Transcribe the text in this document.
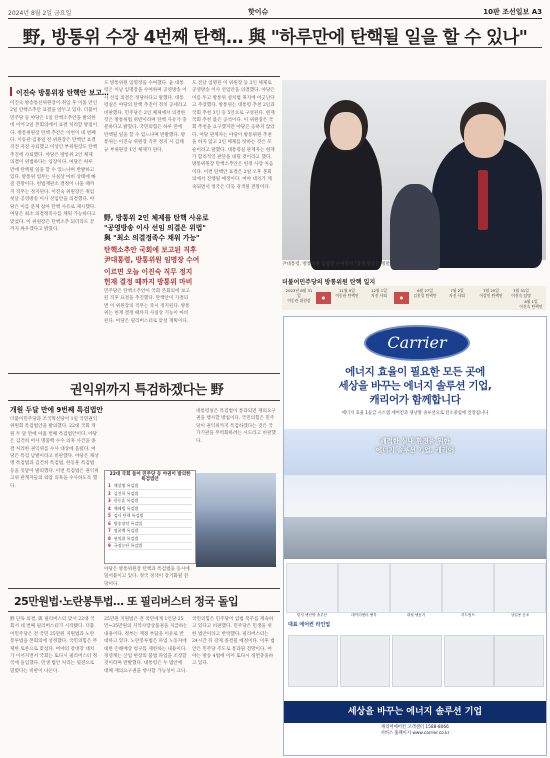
2024년 8월 2일 금요일	핫이슈	10판 조선일보 A3
野, 방통위 수장 4번째 탄핵… 與 "하루만에 탄핵될 일을 할 수 있나"
이진숙 방통위장 탄핵안 보고…
이진숙 방송통신위원장이 취임 후 이틀 만인 2일 탄핵소추안 표결을 앞두고 있다. 더불어민주당 등 야당은 1일 탄핵소추안을 발의한 데 이어 2일 본회의에서 표결 처리할 방침이다. 방통위원장 탄핵 추진은 이번이 네 번째다. 이동관·김홍일 전 위원장은 탄핵안 표결 직전 자진 사퇴했고 이상인 부위원장도 탄핵 추진에 사퇴했다. 야당은 방통위 2인 체제 의결이 위법하다는 입장이다. 여당은 하루 만에 탄핵될 일을 할 수 있느냐며 반발하고 있다. 방통위 업무는 사실상 마비 상태에 빠질 전망이다. 헌법재판소 결정이 나올 때까지 직무는 정지된다. 이진숙 위원장은 취임 첫날 공영방송 이사 선임안을 의결했다. 야당은 이를 문제 삼아 탄핵 사유로 제시했다. 여당은 최소 의결정족수를 채워 가능하다고 맞섰다. 이 위원장은 탄핵소추 되더라도 끝까지 싸우겠다고 밝혔다.
도 방통위원 임명장을 수여했다. 윤 대통령은 이날 임명장을 수여하며 공영방송 이사 선임 의결은 정당하다고 말했다. 대통령실은 야당의 탄핵 추진이 정치 공세라고 비판했다. 민주당은 2인 체제에서 의결한 것은 방통위법 위반이라며 탄핵 사유가 충분하다고 밝혔다. 국민의힘은 하루 만에 탄핵될 일을 할 수 있느냐며 반발했다. 방통위는 이진숙 위원장 직무 정지 시 김태규 부위원장 1인 체제가 된다.
野, 방통위 2인 체제를 탄핵 사유로
"공영방송 이사 선임 의결은 위법"
與 "최소 의결정족수 채워 가능"
탄핵소추안 국회에 보고된 직후
尹대통령, 방통위원 임명장 수여
이르면 오늘 이진숙 직무 정지
헌재 결정 때까지 방통위 마비
민주당은 탄핵소추안이 국회 본회의에 보고된 직후 표결을 추진했다. 탄핵안이 가결되면 이 위원장의 직무는 즉시 정지된다. 방통위는 헌재 결정 때까지 사실상 기능이 마비된다. 여당은 필리버스터로 맞설 계획이다.
도 전날 임명된 이 위원장 등 2인 체제로 공영방송 이사 선임안을 의결했다. 야당은 이를 두고 방통위 설치법 취지에 어긋난다고 주장했다. 방통위는 대통령 추천 2인과 국회 추천 3인 등 5인으로 구성된다. 현재 국회 추천 몫은 공석이다. 이 위원장은 국회 추천을 요구했지만 야당은 응하지 않았다. 여당 관계자는 야당이 방통위원 추천을 하지 않고 2인 체제를 탓하는 것은 모순이라고 말했다. 대통령실 관계자는 헌재가 합리적인 판단을 내릴 것이라고 했다. 방통위원장 탄핵소추안은 헌정 사상 처음이다. 이번 탄핵안 표결은 2일 오후 본회의에서 진행될 예정이다. 여야 대치가 계속되면서 정국은 더욱 경색될 전망이다.
尹대통령, 방통위원 임명장 수여식서 "공영 방송은 정말 잘 다루어야"
더불어민주당의 방통위원 탄핵 일지
2023년 8월 31일
이동관 위원장
●
11월 9일
이동관 탄핵안
12월 1일
자진 사퇴	●
6월 27일
김홍일 탄핵안
7월 2일
자진 사퇴
7월 25일
이상인 탄핵안
7월 31일
이진숙 임명
8월 1일
이진숙 탄핵안
Carrier
에너지 효율이 필요한 모든 곳에
세상을 바꾸는 에너지 솔루션 기업,
캐리어가 함께합니다
에너지 효율 1등급 시스템 에어컨과 냉난방 솔루션으로 탄소중립에 앞장섭니다
쾌적한 실내 환경을 위한
에너지 솔루션 기업, 캐리어
빌딩 냉난방 솔루션	데이터센터 냉각	대형 냉동기	히트펌프	상업용 공조
대표 에어컨 라인업
세상을 바꾸는 에너지 솔루션 기업
캐리어에어컨 고객센터 1588-8066
서비스 홈페이지 www.carrier.co.kr
권익위까지 특검하겠다는 野
개원 두달 만에 9번째 특검법안
더불어민주당과 조국혁신당이 1일 국민권익위원회 특검법안을 발의했다. 22대 국회 개원 두 달 만에 아홉 번째 특검법안이다. 야당은 김건희 여사 명품백 수수 의혹 사건을 종결 처리한 권익위를 수사 대상에 올렸다. 여당은 특검 남발이라고 비판했다. 야당은 채상병 특검법과 김건희 특검법, 한동훈 특검법 등을 잇달아 발의했다. 이번 특검법은 권익위 고위 관계자들의 외압 의혹을 수사하도록 했다.
22대 국회 들어 민주당 등 야권이 발의한 특검법안
1 채상병 특검법
2 김건희 특검법
3 한동훈 특검법
4 채해병 특검법
5 검사 탄핵 특검법
6 방송장악 특검법
7 명품백 특검법
8 권익위 특검법
9 국정농단 특검법
야당은 방통위원장 탄핵과 특검법을 동시에 밀어붙이고 있다. 정국 경색이 장기화될 전망이다.
대통령실은 특검법이 통과되면 재의요구권을 행사할 방침이다. 국민의힘은 민주당이 권익위까지 특검하겠다는 것은 국가기관을 무력화하려는 시도라고 비판했다.
25만원법·노란봉투법… 또 필리버스터 정국 돌입
野 단독 의결, 與 필리버스터 맞서 22대 국회서 네 번째 필리버스터가 시작됐다. 더불어민주당은 전 국민 25만원 지원법과 노란봉투법을 본회의에 상정했다. 국민의힘은 무제한 토론으로 맞섰다. 여야의 강대강 대치가 이어지면서 국회는 또다시 필리버스터 정국에 돌입했다. 민생 법안 처리는 뒷전으로 밀렸다는 비판이 나온다.
25만원 지원법은 전 국민에게 1인당 25만~35만원의 지역사랑상품권을 지급하는 내용이다. 정부는 재정 부담을 이유로 반대하고 있다. 노란봉투법은 파업 노동자에 대한 손해배상 청구를 제한하는 내용이다. 경영계는 산업 현장의 불법 파업을 조장할 것이라며 반발했다. 대통령은 두 법안에 대해 재의요구권을 행사할 가능성이 크다.
국민의힘은 민주당이 입법 폭주를 계속하고 있다고 비판했다. 민주당은 민생을 위한 법안이라고 반박했다. 필리버스터는 24시간 뒤 강제 종결될 예정이다. 이후 법안은 민주당 주도로 통과될 전망이다. 여야는 방송 4법에 이어 또다시 정면충돌하고 있다.
